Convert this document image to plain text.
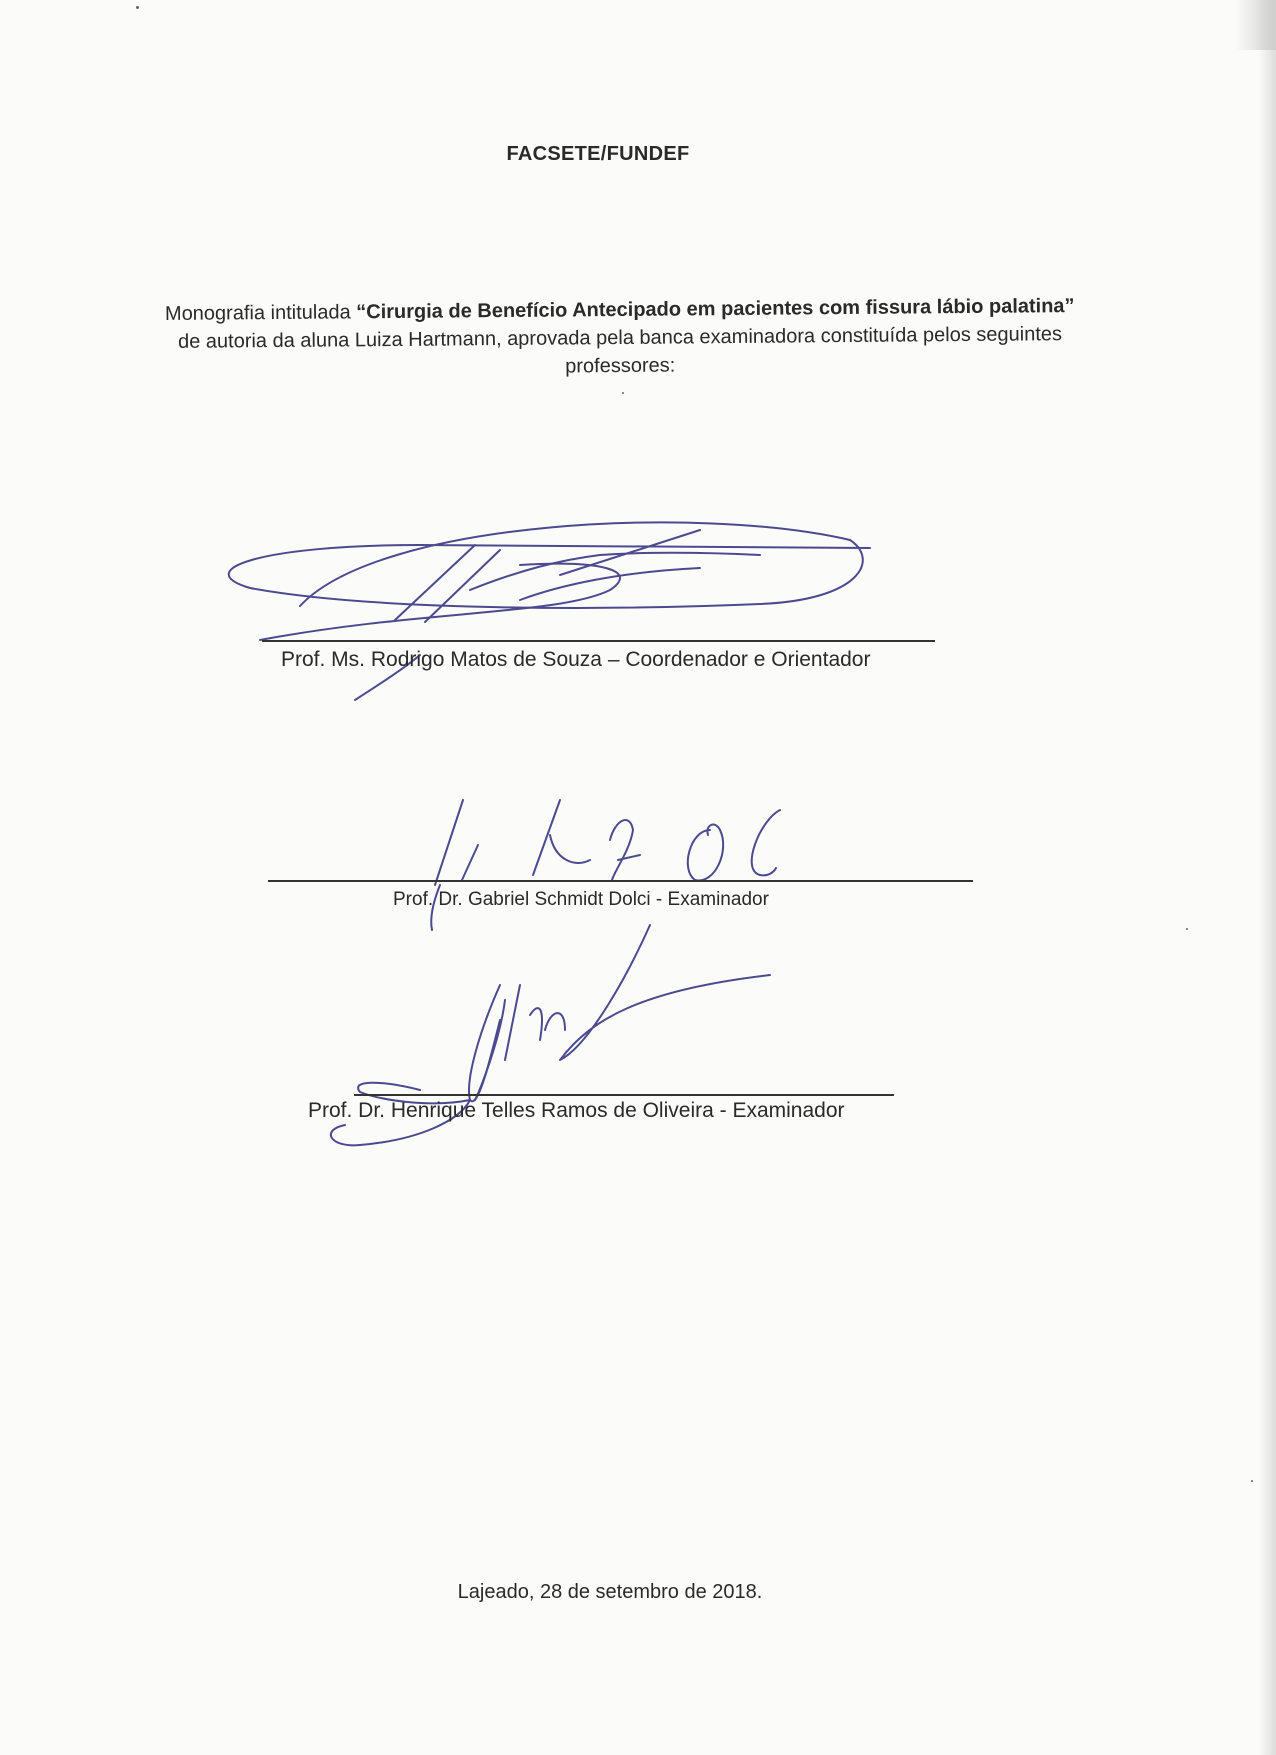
FACSETE/FUNDEF
Monografia intitulada “Cirurgia de Benefício Antecipado em pacientes com fissura lábio palatina” de autoria da aluna Luiza Hartmann, aprovada pela banca examinadora constituída pelos seguintes professores:
Prof. Ms. Rodrigo Matos de Souza – Coordenador e Orientador
Prof. Dr. Gabriel Schmidt Dolci - Examinador
Prof. Dr. Henrique Telles Ramos de Oliveira - Examinador
Lajeado, 28 de setembro de 2018.
